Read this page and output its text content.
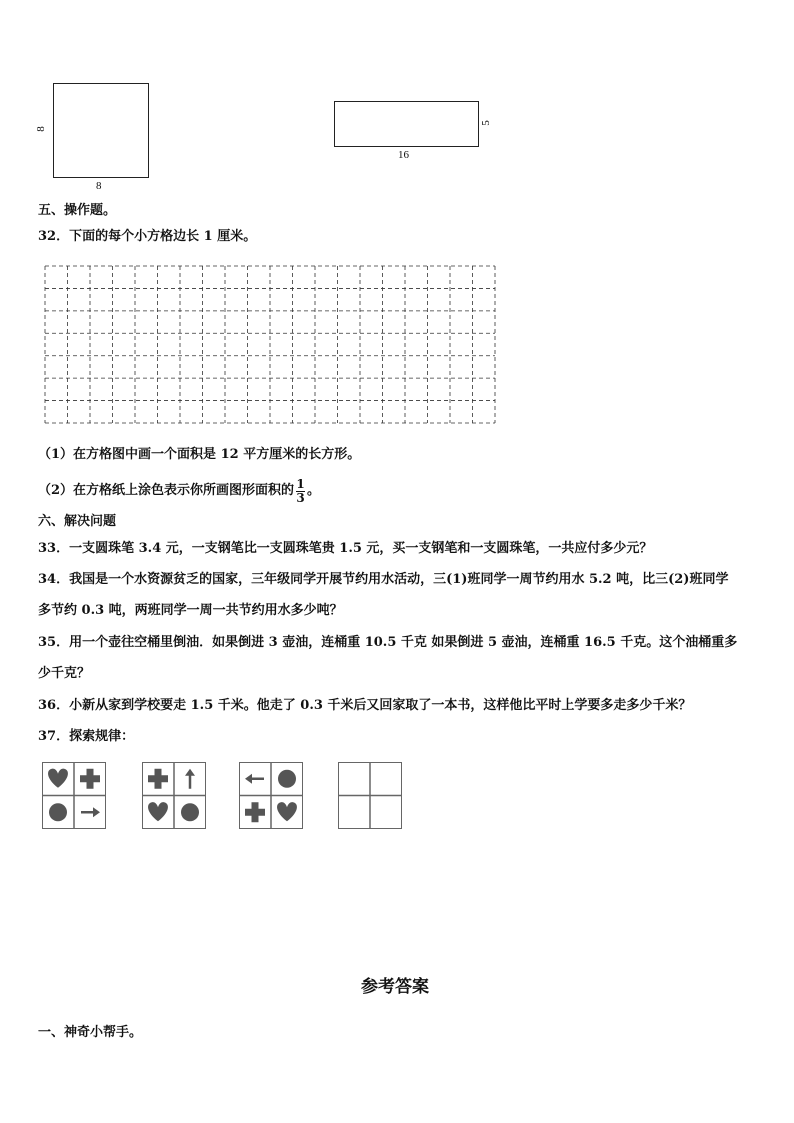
8
8
5
16
五、操作题。
32．下面的每个小方格边长 1 厘米。
（1）在方格图中画一个面积是 12 平方厘米的长方形。
（2）在方格纸上涂色表示你所画图形面积的 $\frac{1}{3}$ 。
六、解决问题
33．一支圆珠笔 3.4 元，一支钢笔比一支圆珠笔贵 1.5 元，买一支钢笔和一支圆珠笔，一共应付多少元？
34．我国是一个水资源贫乏的国家，三年级同学开展节约用水活动，三(1)班同学一周节约用水 5.2 吨，比三(2)班同学
多节约 0.3 吨，两班同学一周一共节约用水多少吨？
35．用一个壶往空桶里倒油．如果倒进 3 壶油，连桶重 10.5 千克 如果倒进 5 壶油，连桶重 16.5 千克。这个油桶重多
少千克？
36．小新从家到学校要走 1.5 千米。他走了 0.3 千米后又回家取了一本书，这样他比平时上学要多走多少千米？
37．探索规律：
参考答案
一、神奇小帮手。
